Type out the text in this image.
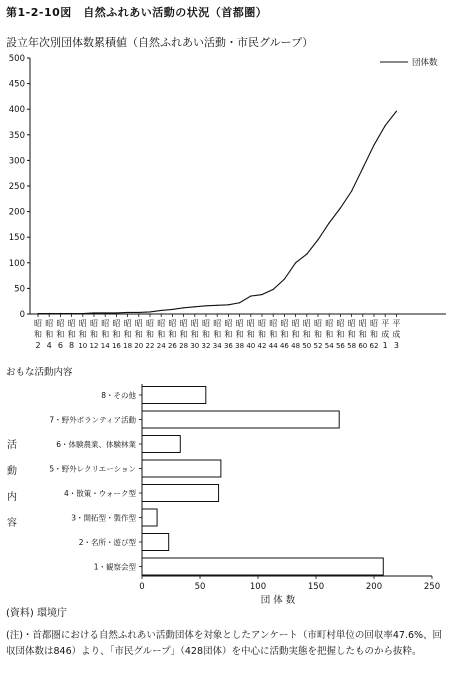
第1-2-10図　自然ふれあい活動の状況（首都圏）
設立年次別団体数累積値（自然ふれあい活動・市民グループ）
0
50
100
150
200
250
300
350
400
450
500
昭
和
2
昭
和
4
昭
和
6
昭
和
8
昭
和
10
昭
和
12
昭
和
14
昭
和
16
昭
和
18
昭
和
20
昭
和
22
昭
和
24
昭
和
26
昭
和
28
昭
和
30
昭
和
32
昭
和
34
昭
和
36
昭
和
38
昭
和
40
昭
和
42
昭
和
44
昭
和
46
昭
和
48
昭
和
50
昭
和
52
昭
和
54
昭
和
56
昭
和
58
昭
和
60
昭
和
62
平
成
1
平
成
3
団体数
おもな活動内容
8・その他
7・野外ボランティア活動
6・体験農業、体験林業
5・野外レクリエーション
4・散策・ウォーク型
3・開拓型・製作型
2・名所・遊び型
1・観察会型
0	50	100	150	200	250
団 体 数
活
動
内
容
(資料) 環境庁
(注)・首都圏における自然ふれあい活動団体を対象としたアンケート（市町村単位の回収率47.6%、回収団体数は846）より、「市民グループ」（428団体）を中心に活動実態を把握したものから抜粋。
